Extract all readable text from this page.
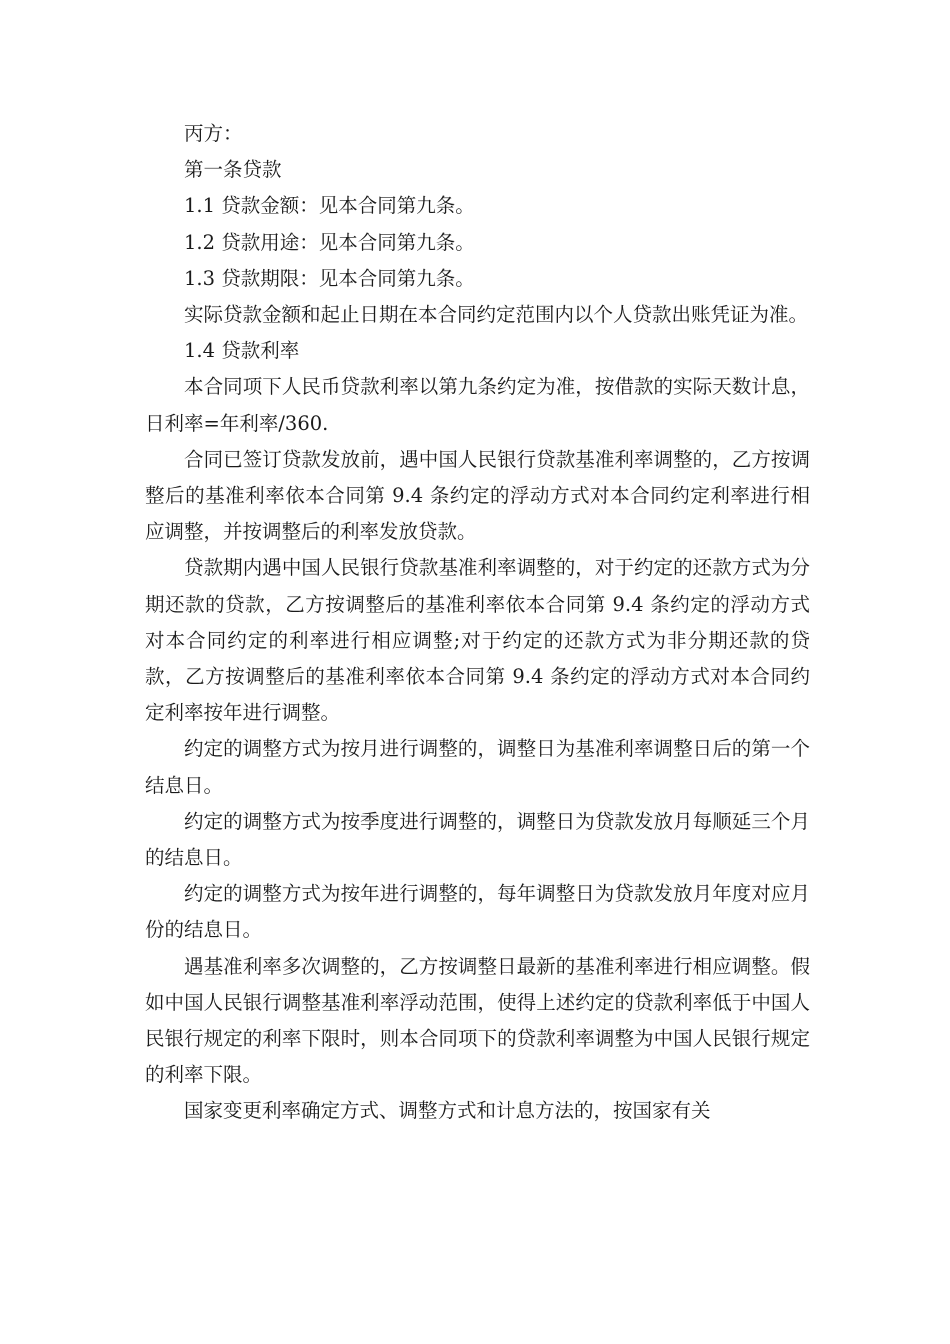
丙方：

第一条贷款

1.1 贷款金额：见本合同第九条。

1.2 贷款用途：见本合同第九条。

1.3 贷款期限：见本合同第九条。

实际贷款金额和起止日期在本合同约定范围内以个人贷款出账凭证为准。

1.4 贷款利率

本合同项下人民币贷款利率以第九条约定为准，按借款的实际天数计息，日利率=年利率/360.

合同已签订贷款发放前，遇中国人民银行贷款基准利率调整的，乙方按调整后的基准利率依本合同第 9.4 条约定的浮动方式对本合同约定利率进行相应调整，并按调整后的利率发放贷款。

贷款期内遇中国人民银行贷款基准利率调整的，对于约定的还款方式为分期还款的贷款，乙方按调整后的基准利率依本合同第 9.4 条约定的浮动方式对本合同约定的利率进行相应调整;对于约定的还款方式为非分期还款的贷款，乙方按调整后的基准利率依本合同第 9.4 条约定的浮动方式对本合同约定利率按年进行调整。

约定的调整方式为按月进行调整的，调整日为基准利率调整日后的第一个结息日。

约定的调整方式为按季度进行调整的，调整日为贷款发放月每顺延三个月的结息日。

约定的调整方式为按年进行调整的，每年调整日为贷款发放月年度对应月份的结息日。

遇基准利率多次调整的，乙方按调整日最新的基准利率进行相应调整。假如中国人民银行调整基准利率浮动范围，使得上述约定的贷款利率低于中国人民银行规定的利率下限时，则本合同项下的贷款利率调整为中国人民银行规定的利率下限。

国家变更利率确定方式、调整方式和计息方法的，按国家有关
